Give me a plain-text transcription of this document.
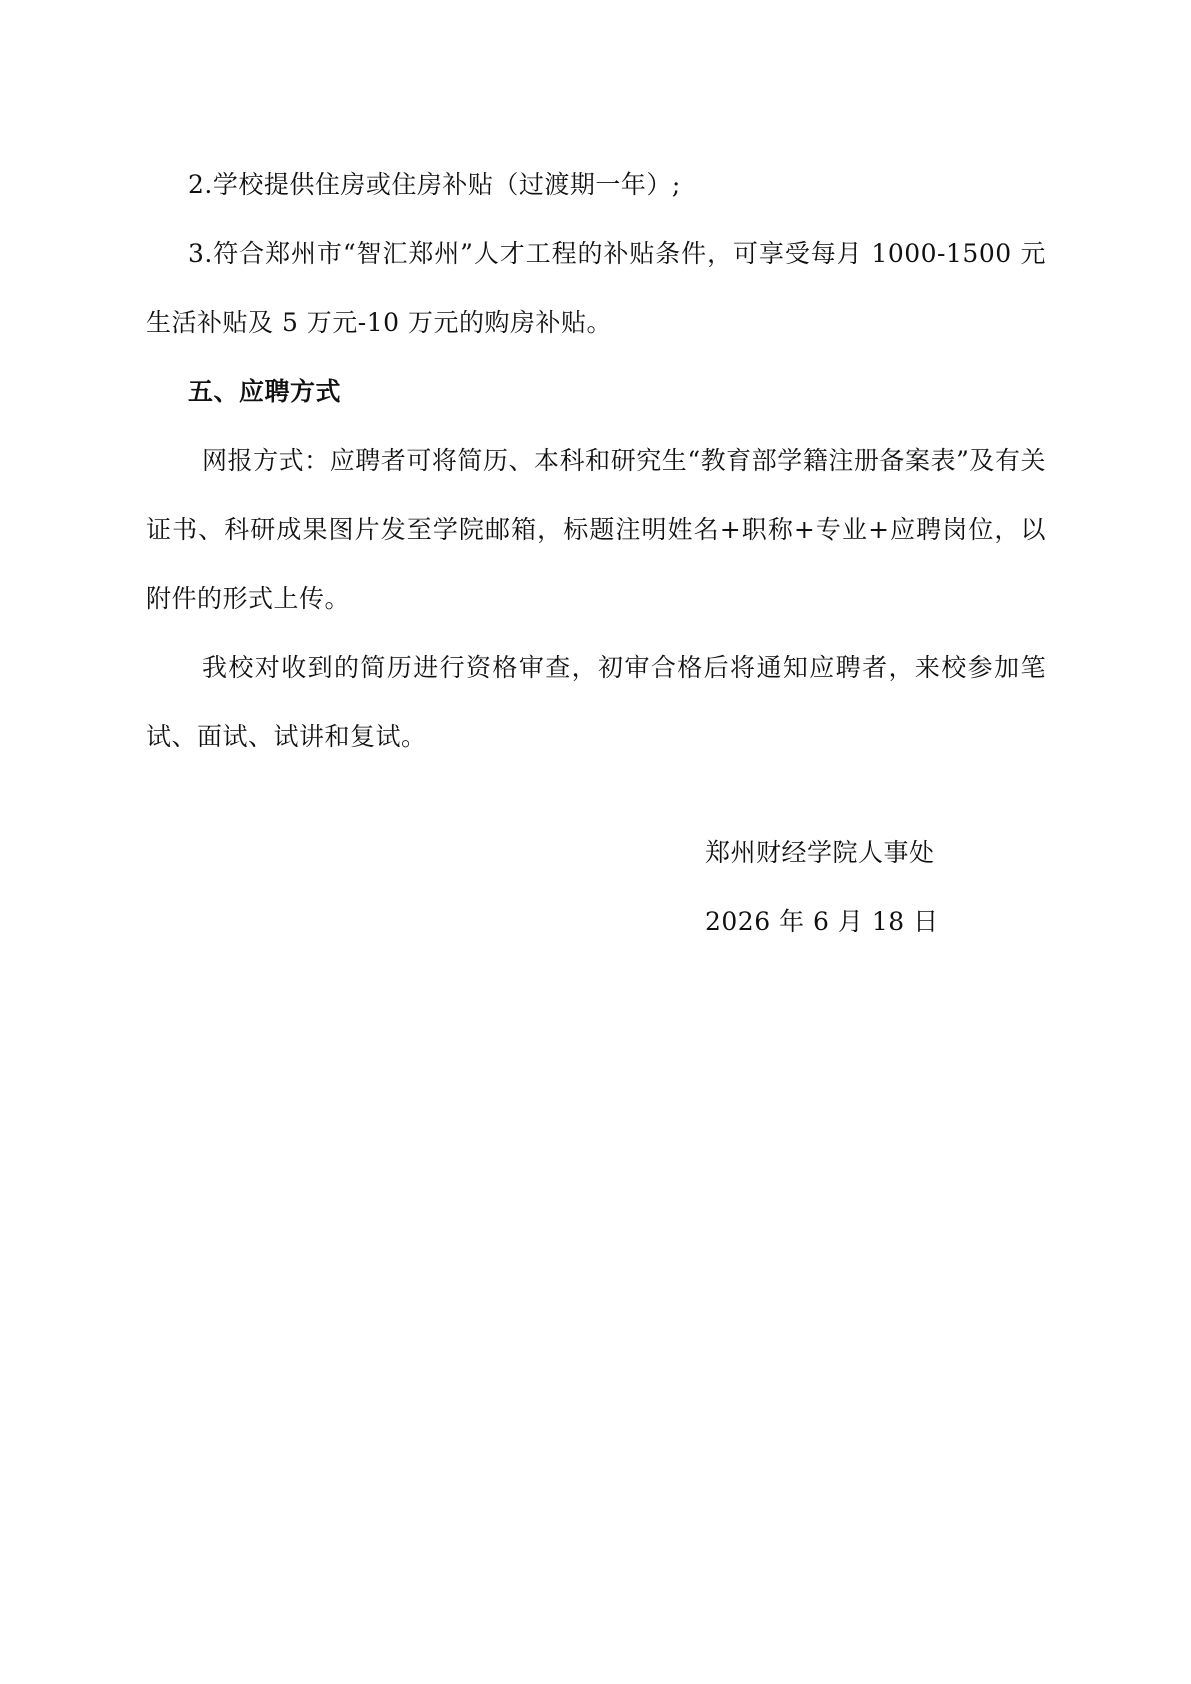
2.学校提供住房或住房补贴（过渡期一年）;

3.符合郑州市“智汇郑州”人才工程的补贴条件，可享受每月 1000-1500 元生活补贴及 5 万元-10 万元的购房补贴。

五、应聘方式

网报方式：应聘者可将简历、本科和研究生“教育部学籍注册备案表”及有关证书、科研成果图片发至学院邮箱，标题注明姓名+职称+专业+应聘岗位，以附件的形式上传。

我校对收到的简历进行资格审查，初审合格后将通知应聘者，来校参加笔试、面试、试讲和复试。

郑州财经学院人事处

2026 年 6 月 18 日
